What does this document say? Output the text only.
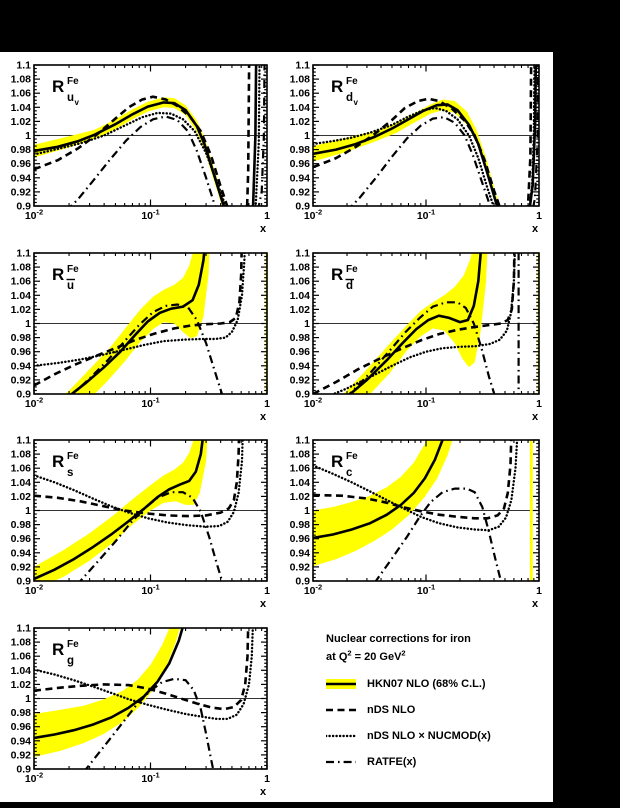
0.9
0.92
0.94
0.96
0.98
1
1.02
1.04
1.06
1.08
1.1
$10^{-2}$	$10^{-1}$	1
x
R Fe
u v
0.9
0.92
0.94
0.96
0.98
1
1.02
1.04
1.06
1.08
1.1
$10^{-2}$	$10^{-1}$	1
x
R Fe
d v
0.9
0.92
0.94
0.96
0.98
1
1.02
1.04
1.06
1.08
1.1
$10^{-2}$	$10^{-1}$	1
x
R Fe
u
0.9
0.92
0.94
0.96
0.98
1
1.02
1.04
1.06
1.08
1.1
$10^{-2}$	$10^{-1}$	1
x
R Fe
d
0.9
0.92
0.94
0.96
0.98
1
1.02
1.04
1.06
1.08
1.1
$10^{-2}$	$10^{-1}$	1
x
R Fe
s
0.9
0.92
0.94
0.96
0.98
1
1.02
1.04
1.06
1.08
1.1
$10^{-2}$	$10^{-1}$	1
x
R Fe
c
0.9
0.92
0.94
0.96
0.98
1
1.02
1.04
1.06
1.08
1.1
$10^{-2}$	$10^{-1}$	1
x
R Fe
g
Nuclear corrections for iron
at $Q^2 = 20$ GeV$^2$
HKN07 NLO (68% C.L.)
nDS NLO
nDS NLO × NUCMOD(x)
RATFE(x)
